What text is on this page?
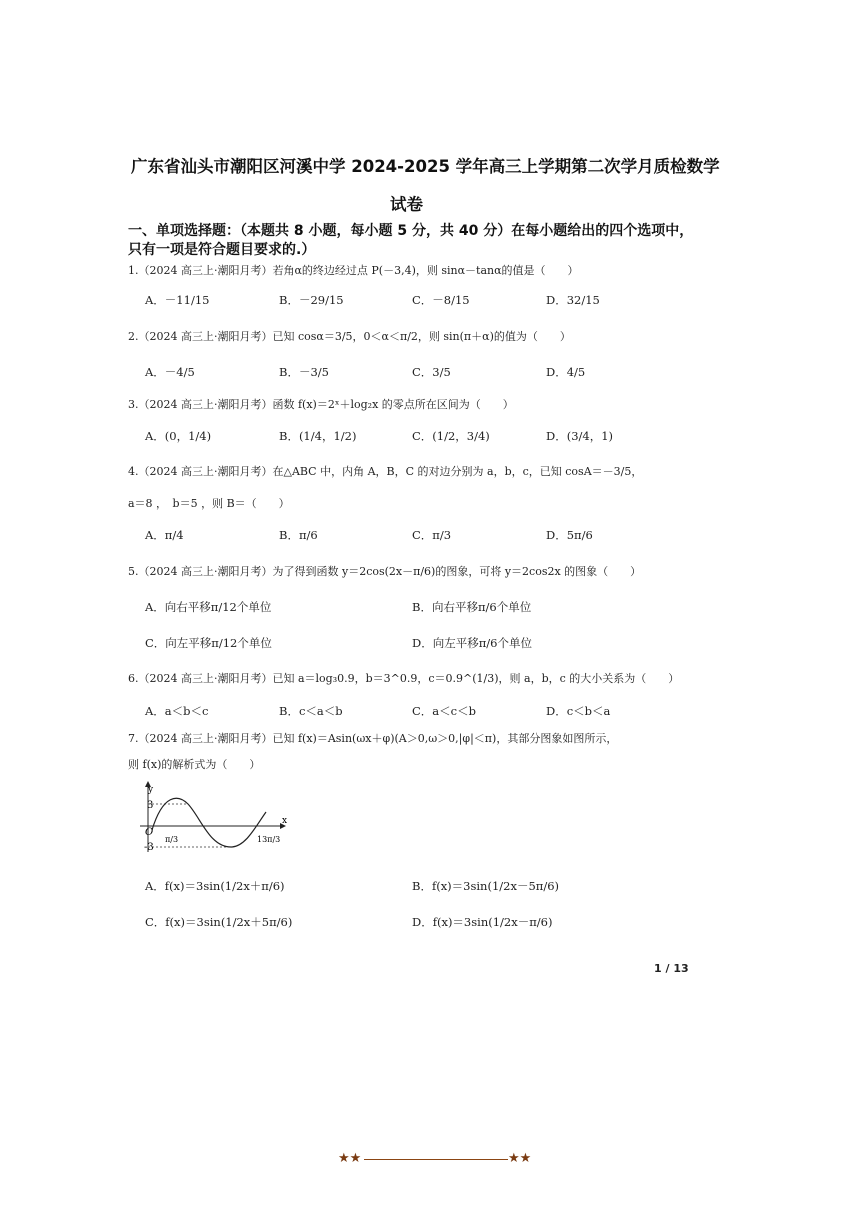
广东省汕头市潮阳区河溪中学 2024-2025 学年高三上学期第二次学月质检数学
试卷
一、单项选择题：（本题共 8 小题，每小题 5 分，共 40 分）在每小题给出的四个选项中，
只有一项是符合题目要求的.）
1.（2024 高三上·潮阳月考）若角α的终边经过点 P(－3,4)，则 sinα－tanα的值是（　　）
A．－11/15	B．－29/15	C．－8/15	D．32/15
2.（2024 高三上·潮阳月考）已知 cosα＝3/5，0＜α＜π/2，则 sin(π＋α)的值为（　　）
A．－4/5	B．－3/5	C．3/5	D．4/5
3.（2024 高三上·潮阳月考）函数 f(x)＝2ˣ＋log₂x 的零点所在区间为（　　）
A．(0，1/4)	B．(1/4，1/2)	C．(1/2，3/4)	D．(3/4，1)
4.（2024 高三上·潮阳月考）在△ABC 中，内角 A，B，C 的对边分别为 a，b，c，已知 cosA＝－3/5，
a＝8 ，　b＝5 ，则 B＝（　　）
A．π/4	B．π/6	C．π/3	D．5π/6
5.（2024 高三上·潮阳月考）为了得到函数 y＝2cos(2x－π/6)的图象，可将 y＝2cos2x 的图象（　　）
A．向右平移π/12个单位	B．向右平移π/6个单位
C．向左平移π/12个单位	D．向左平移π/6个单位
6.（2024 高三上·潮阳月考）已知 a＝log₃0.9，b＝3^0.9，c＝0.9^(1/3)，则 a，b，c 的大小关系为（　　）
A．a＜b＜c	B．c＜a＜b	C．a＜c＜b	D．c＜b＜a
7.（2024 高三上·潮阳月考）已知 f(x)＝Asin(ωx＋φ)(A＞0,ω＞0,|φ|＜π)，其部分图象如图所示，
则 f(x)的解析式为（　　）
y
x
O
3
-3
π/3	13π/3
A．f(x)＝3sin(1/2x＋π/6)	B．f(x)＝3sin(1/2x－5π/6)
C．f(x)＝3sin(1/2x＋5π/6)	D．f(x)＝3sin(1/2x－π/6)
1 / 13
★★	★★
